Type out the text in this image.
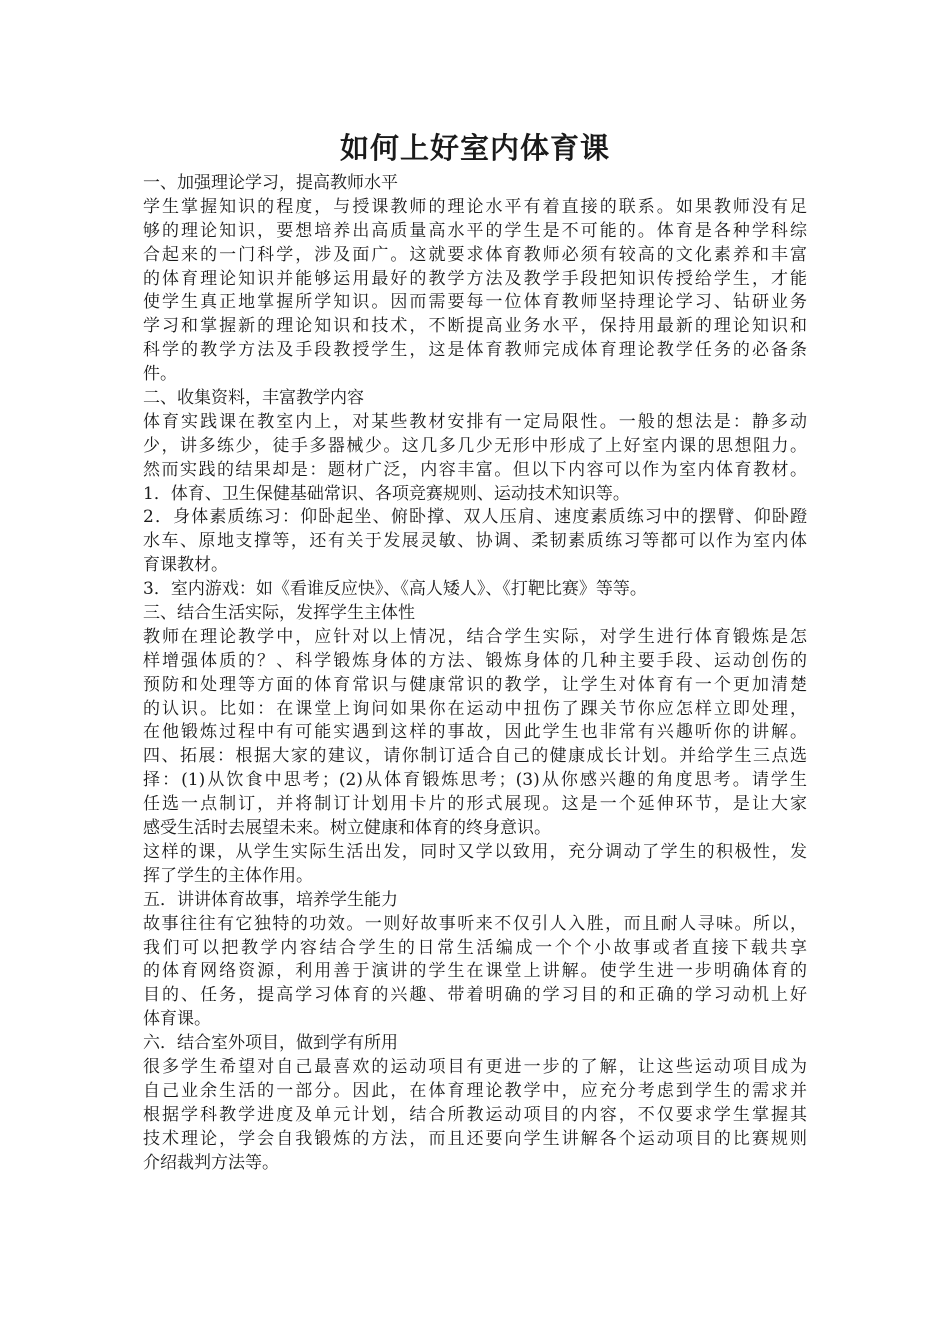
如何上好室内体育课
一、加强理论学习，提高教师水平
学生掌握知识的程度，与授课教师的理论水平有着直接的联系。如果教师没有足
够的理论知识，要想培养出高质量高水平的学生是不可能的。体育是各种学科综
合起来的一门科学，涉及面广。这就要求体育教师必须有较高的文化素养和丰富
的体育理论知识并能够运用最好的教学方法及教学手段把知识传授给学生，才能
使学生真正地掌握所学知识。因而需要每一位体育教师坚持理论学习、钻研业务
学习和掌握新的理论知识和技术，不断提高业务水平，保持用最新的理论知识和
科学的教学方法及手段教授学生，这是体育教师完成体育理论教学任务的必备条
件。
二、收集资料，丰富教学内容
体育实践课在教室内上，对某些教材安排有一定局限性。一般的想法是：静多动
少，讲多练少，徒手多器械少。这几多几少无形中形成了上好室内课的思想阻力。
然而实践的结果却是：题材广泛，内容丰富。但以下内容可以作为室内体育教材。
1．体育、卫生保健基础常识、各项竞赛规则、运动技术知识等。
2．身体素质练习：仰卧起坐、俯卧撑、双人压肩、速度素质练习中的摆臂、仰卧蹬
水车、原地支撑等，还有关于发展灵敏、协调、柔韧素质练习等都可以作为室内体
育课教材。
3．室内游戏：如《看谁反应快》、《高人矮人》、《打靶比赛》等等。
三、结合生活实际，发挥学生主体性
教师在理论教学中，应针对以上情况，结合学生实际，对学生进行体育锻炼是怎
样增强体质的？、科学锻炼身体的方法、锻炼身体的几种主要手段、运动创伤的
预防和处理等方面的体育常识与健康常识的教学，让学生对体育有一个更加清楚
的认识。比如：在课堂上询问如果你在运动中扭伤了踝关节你应怎样立即处理，
在他锻炼过程中有可能实遇到这样的事故，因此学生也非常有兴趣听你的讲解。
四、拓展：根据大家的建议，请你制订适合自己的健康成长计划。并给学生三点选
择：(1)从饮食中思考；(2)从体育锻炼思考；(3)从你感兴趣的角度思考。请学生
任选一点制订，并将制订计划用卡片的形式展现。这是一个延伸环节，是让大家
感受生活时去展望未来。树立健康和体育的终身意识。
这样的课，从学生实际生活出发，同时又学以致用，充分调动了学生的积极性，发
挥了学生的主体作用。
五．讲讲体育故事，培养学生能力
故事往往有它独特的功效。一则好故事听来不仅引人入胜，而且耐人寻味。所以，
我们可以把教学内容结合学生的日常生活编成一个个小故事或者直接下载共享
的体育网络资源，利用善于演讲的学生在课堂上讲解。使学生进一步明确体育的
目的、任务，提高学习体育的兴趣、带着明确的学习目的和正确的学习动机上好
体育课。
六．结合室外项目，做到学有所用
很多学生希望对自己最喜欢的运动项目有更进一步的了解，让这些运动项目成为
自己业余生活的一部分。因此，在体育理论教学中，应充分考虑到学生的需求并
根据学科教学进度及单元计划，结合所教运动项目的内容，不仅要求学生掌握其
技术理论，学会自我锻炼的方法，而且还要向学生讲解各个运动项目的比赛规则
介绍裁判方法等。
